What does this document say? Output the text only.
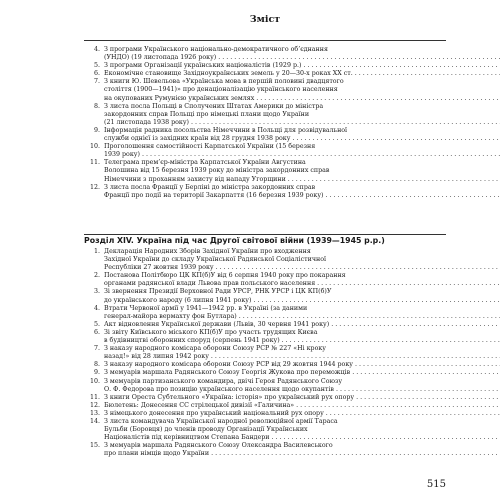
Зміст
4. З програми Українського національно-демократичного об’єднання
(УНДО) (19 листопада 1926 року)
. . .
5. З програми Організації українських націоналістів (1929 р.)
. . .
6. Економічне становище Західноукраїнських земель у 20—30-х роках ХХ ст.
. . .
7. З книги Ю. Шевельова «Українська мова в першій половині двадцятого
століття (1900—1941)» про денаціоналізацію українського населення
на окупованих Румунією українських землях
. . .
8. З листа посла Польщі в Сполучених Штатах Америки до міністра
закордонних справ Польщі про німецькі плани щодо України
(21 листопада 1938 року)
. . .
9. Інформація радника посольства Німеччини в Польщі для розвідувальної
служби однієї із західних країн від 28 грудня 1938 року
. . .
10. Проголошення самостійності Карпатської України (15 березня
1939 року)
. . .
11. Телеграма прем’єр-міністра Карпатської України Августина
Волошина від 15 березня 1939 року до міністра закордонних справ
Німеччини з проханням захисту від нападу Угорщини
. . .
12. З листа посла Франції у Берліні до міністра закордонних справ
Франції про події на території Закарпаття (16 березня 1939 року)
. . .
Розділ XIV. Україна під час Другої світової війни (1939—1945 р.р.)
1. Декларація Народних Зборів Західної України про входження
Західної України до складу Української Радянської Соціалістичної
Республіки 27 жовтня 1939 року
. . .
2. Постанова Політбюро ЦК КП(б)У від 6 серпня 1940 року про покарання
органами радянської влади Львова прав польського населення
. . .
3. Зі звернення Президії Верховної Ради УРСР, РНК УРСР і ЦК КП(б)У
до українського народу (6 липня 1941 року)
. . .
4. Втрати Червоної армії у 1941—1942 рр. в Україні (за даними
генерал-майора вермахту фон Бутлара)
. . .
5. Акт відновлення Української держави (Львів, 30 червня 1941 року)
. . .
6. Зі звіту Київського міського КП(б)У про участь трудящих Києва
в будівництві оборонних споруд (серпень 1941 року)
. . .
7. З наказу народного комісара оборони Союзу РСР № 227 «Ні кроку
назад!» від 28 липня 1942 року
. . .
8. З наказу народного комісара оборони Союзу РСР від 29 жовтня 1944 року
. . .
9. З мемуарів маршала Радянського Союзу Георгія Жукова про переможців
. . .
10. З мемуарів партизанського командира, двічі Героя Радянського Союзу
О. Ф. Федорова про позицію українського населення щодо окупантів
. . .
11. З книги Ореста Субтельного «Україна: історія» про український рух опору
. . .
12. Бюлетень: Донесення СС стрілецької дивізії «Галичина»
. . .
13. З німецького донесення про український національний рух опору
. . .
14. З листа командувача Української народної революційної армії Тараса
Бульби (Боровця) до членів проводу Організації Українських
Націоналістів під керівництвом Степана Бандери
. . .
15. З мемуарів маршала Радянського Союзу Олександра Василевського
про плани німців щодо України
. . .
515
